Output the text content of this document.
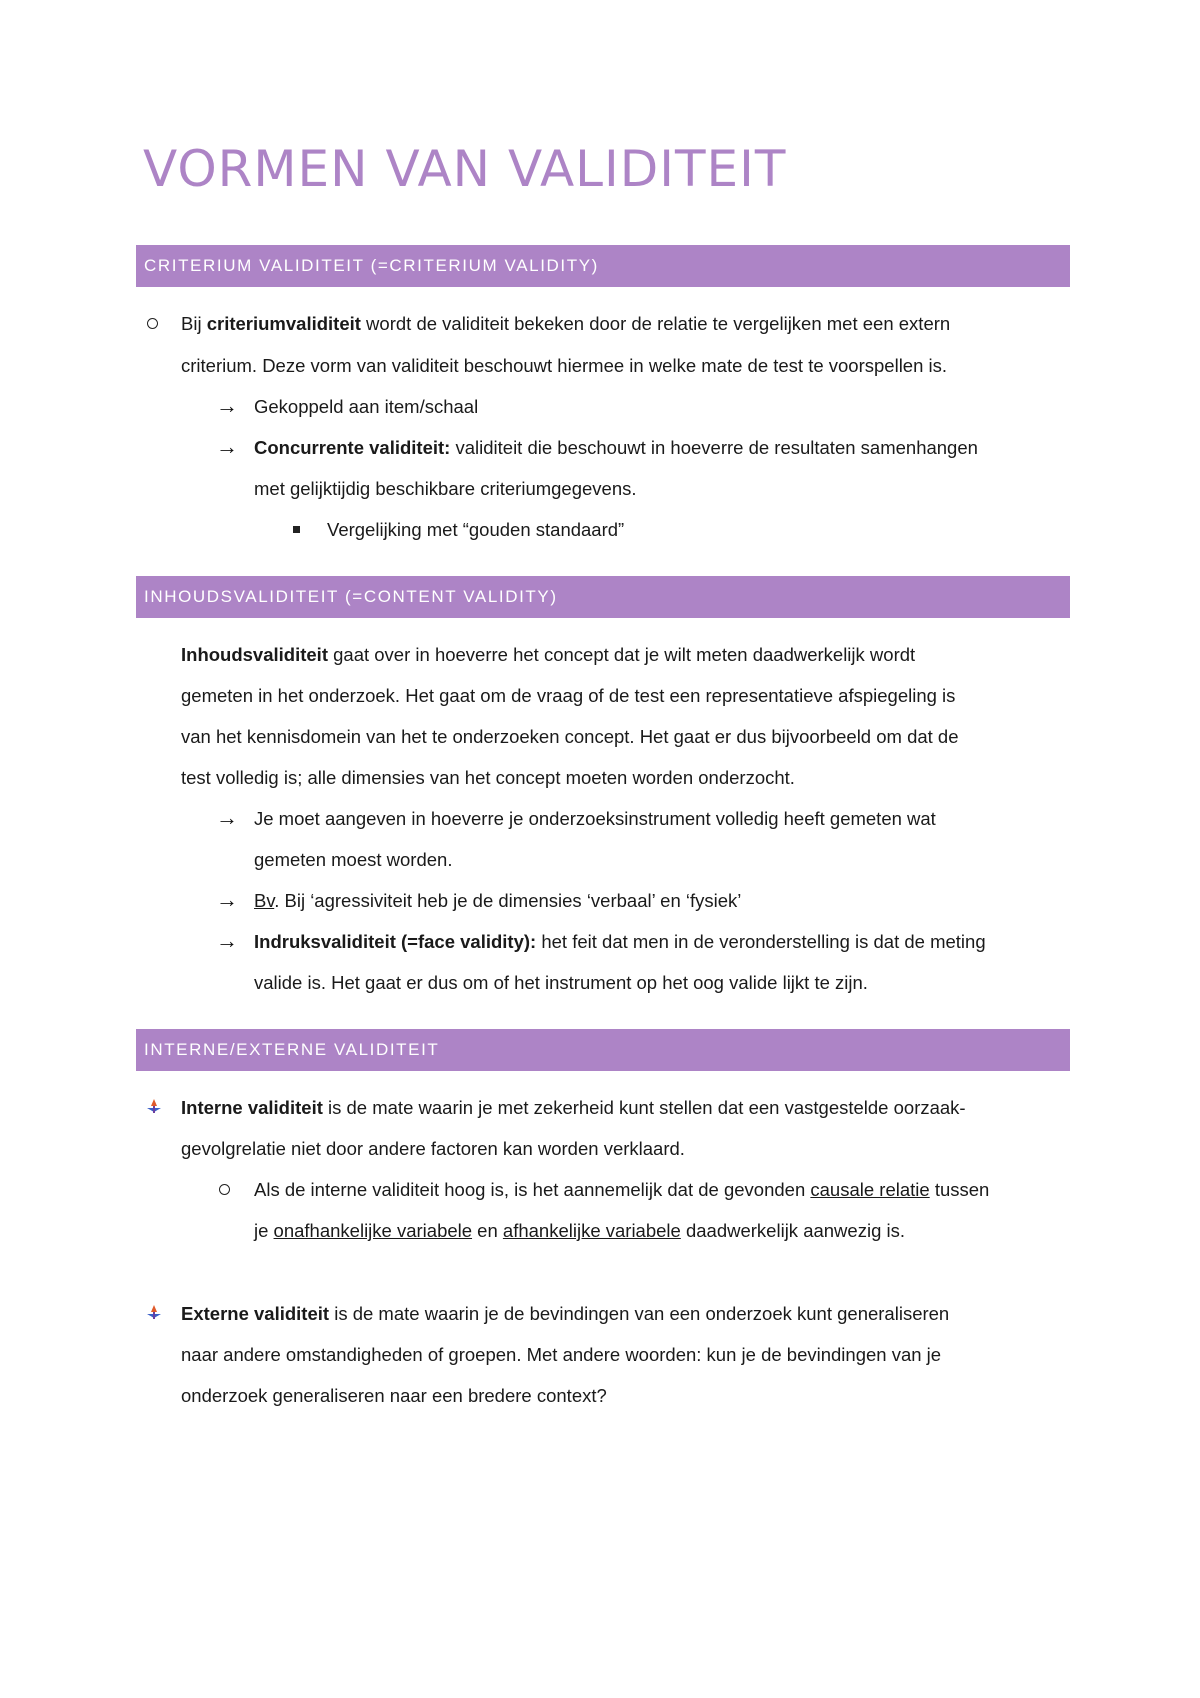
VORMEN VAN VALIDITEIT
CRITERIUM VALIDITEIT (=CRITERIUM VALIDITY)
Bij criteriumvaliditeit wordt de validiteit bekeken door de relatie te vergelijken met een extern
criterium. Deze vorm van validiteit beschouwt hiermee in welke mate de test te voorspellen is.
→ Gekoppeld aan item/schaal
→ Concurrente validiteit: validiteit die beschouwt in hoeverre de resultaten samenhangen
met gelijktijdig beschikbare criteriumgegevens.
Vergelijking met “gouden standaard”
INHOUDSVALIDITEIT (=CONTENT VALIDITY)
Inhoudsvaliditeit gaat over in hoeverre het concept dat je wilt meten daadwerkelijk wordt
gemeten in het onderzoek. Het gaat om de vraag of de test een representatieve afspiegeling is
van het kennisdomein van het te onderzoeken concept. Het gaat er dus bijvoorbeeld om dat de
test volledig is; alle dimensies van het concept moeten worden onderzocht.
→ Je moet aangeven in hoeverre je onderzoeksinstrument volledig heeft gemeten wat
gemeten moest worden.
→ Bv. Bij ‘agressiviteit heb je de dimensies ‘verbaal’ en ‘fysiek’
→ Indruksvaliditeit (=face validity): het feit dat men in de veronderstelling is dat de meting
valide is. Het gaat er dus om of het instrument op het oog valide lijkt te zijn.
INTERNE/EXTERNE VALIDITEIT
Interne validiteit is de mate waarin je met zekerheid kunt stellen dat een vastgestelde oorzaak-
gevolgrelatie niet door andere factoren kan worden verklaard.
Als de interne validiteit hoog is, is het aannemelijk dat de gevonden causale relatie tussen
je onafhankelijke variabele en afhankelijke variabele daadwerkelijk aanwezig is.
Externe validiteit is de mate waarin je de bevindingen van een onderzoek kunt generaliseren
naar andere omstandigheden of groepen. Met andere woorden: kun je de bevindingen van je
onderzoek generaliseren naar een bredere context?
